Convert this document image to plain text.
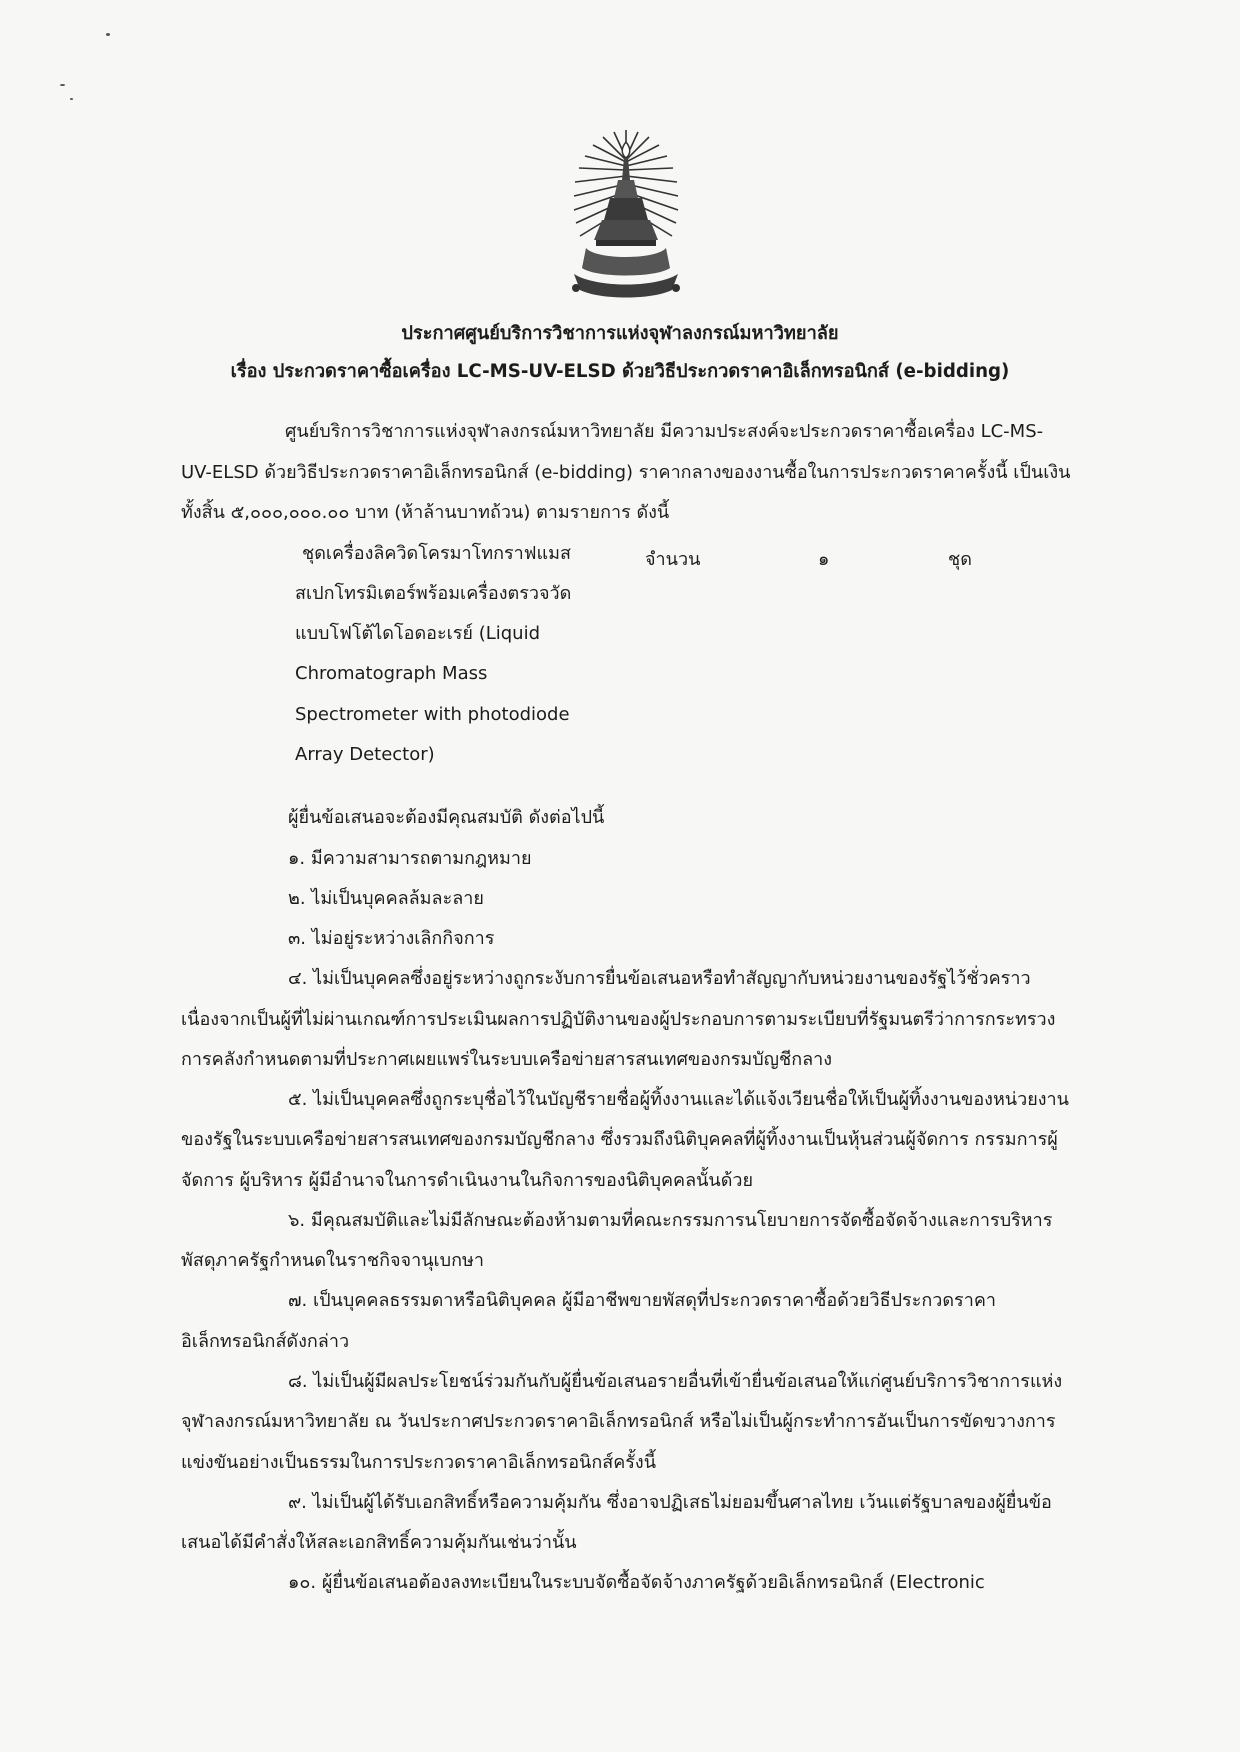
ประกาศศูนย์บริการวิชาการแห่งจุฬาลงกรณ์มหาวิทยาลัย
เรื่อง ประกวดราคาซื้อเครื่อง LC-MS-UV-ELSD ด้วยวิธีประกวดราคาอิเล็กทรอนิกส์ (e-bidding)
ศูนย์บริการวิชาการแห่งจุฬาลงกรณ์มหาวิทยาลัย มีความประสงค์จะประกวดราคาซื้อเครื่อง LC-MS-
UV-ELSD ด้วยวิธีประกวดราคาอิเล็กทรอนิกส์ (e-bidding) ราคากลางของงานซื้อในการประกวดราคาครั้งนี้ เป็นเงิน
ทั้งสิ้น ๕,๐๐๐,๐๐๐.๐๐ บาท (ห้าล้านบาทถ้วน) ตามรายการ ดังนี้
ชุดเครื่องลิควิดโครมาโทกราฟแมส
สเปกโทรมิเตอร์พร้อมเครื่องตรวจวัด
แบบโฟโต้ไดโอดอะเรย์ (Liquid
Chromatograph Mass
Spectrometer with photodiode
Array Detector)
จำนวน	๑	ชุด
ผู้ยื่นข้อเสนอจะต้องมีคุณสมบัติ ดังต่อไปนี้
๑. มีความสามารถตามกฎหมาย
๒. ไม่เป็นบุคคลล้มละลาย
๓. ไม่อยู่ระหว่างเลิกกิจการ
๔. ไม่เป็นบุคคลซึ่งอยู่ระหว่างถูกระงับการยื่นข้อเสนอหรือทำสัญญากับหน่วยงานของรัฐไว้ชั่วคราว
เนื่องจากเป็นผู้ที่ไม่ผ่านเกณฑ์การประเมินผลการปฏิบัติงานของผู้ประกอบการตามระเบียบที่รัฐมนตรีว่าการกระทรวง
การคลังกำหนดตามที่ประกาศเผยแพร่ในระบบเครือข่ายสารสนเทศของกรมบัญชีกลาง
๕. ไม่เป็นบุคคลซึ่งถูกระบุชื่อไว้ในบัญชีรายชื่อผู้ทิ้งงานและได้แจ้งเวียนชื่อให้เป็นผู้ทิ้งงานของหน่วยงาน
ของรัฐในระบบเครือข่ายสารสนเทศของกรมบัญชีกลาง ซึ่งรวมถึงนิติบุคคลที่ผู้ทิ้งงานเป็นหุ้นส่วนผู้จัดการ กรรมการผู้
จัดการ ผู้บริหาร ผู้มีอำนาจในการดำเนินงานในกิจการของนิติบุคคลนั้นด้วย
๖. มีคุณสมบัติและไม่มีลักษณะต้องห้ามตามที่คณะกรรมการนโยบายการจัดซื้อจัดจ้างและการบริหาร
พัสดุภาครัฐกำหนดในราชกิจจานุเบกษา
๗. เป็นบุคคลธรรมดาหรือนิติบุคคล ผู้มีอาชีพขายพัสดุที่ประกวดราคาซื้อด้วยวิธีประกวดราคา
อิเล็กทรอนิกส์ดังกล่าว
๘. ไม่เป็นผู้มีผลประโยชน์ร่วมกันกับผู้ยื่นข้อเสนอรายอื่นที่เข้ายื่นข้อเสนอให้แก่ศูนย์บริการวิชาการแห่ง
จุฬาลงกรณ์มหาวิทยาลัย ณ วันประกาศประกวดราคาอิเล็กทรอนิกส์ หรือไม่เป็นผู้กระทำการอันเป็นการขัดขวางการ
แข่งขันอย่างเป็นธรรมในการประกวดราคาอิเล็กทรอนิกส์ครั้งนี้
๙. ไม่เป็นผู้ได้รับเอกสิทธิ์หรือความคุ้มกัน ซึ่งอาจปฏิเสธไม่ยอมขึ้นศาลไทย เว้นแต่รัฐบาลของผู้ยื่นข้อ
เสนอได้มีคำสั่งให้สละเอกสิทธิ์ความคุ้มกันเช่นว่านั้น
๑๐. ผู้ยื่นข้อเสนอต้องลงทะเบียนในระบบจัดซื้อจัดจ้างภาครัฐด้วยอิเล็กทรอนิกส์ (Electronic
